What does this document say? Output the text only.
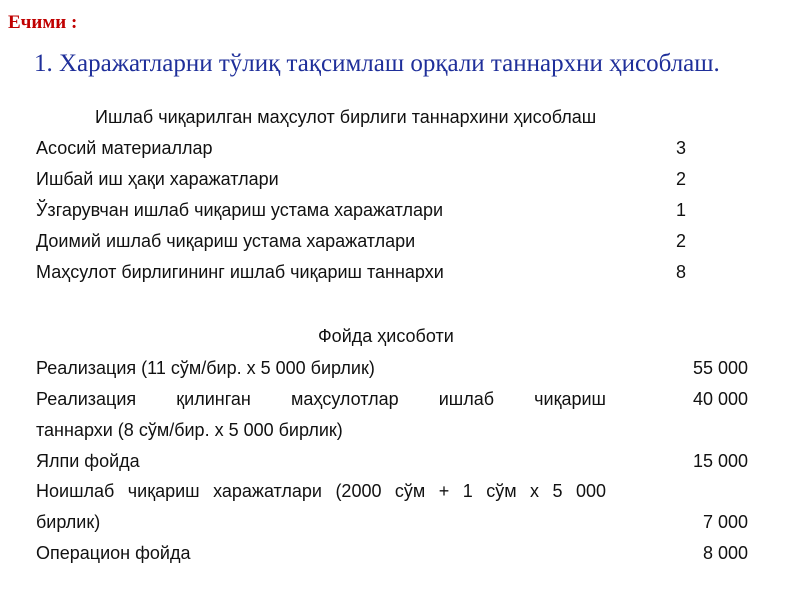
Ечими :
1. Харажатларни тўлиқ тақсимлаш орқали таннархни ҳисоблаш.
Ишлаб чиқарилган маҳсулот бирлиги таннархини ҳисоблаш
Асосий материаллар	3
Ишбай иш ҳақи харажатлари	2
Ўзгарувчан ишлаб чиқариш устама харажатлари	1
Доимий ишлаб чиқариш устама харажатлари	2
Маҳсулот бирлигининг ишлаб чиқариш таннархи	8
Фойда ҳисоботи
Реализация (11 сўм/бир. x 5 000 бирлик)	55 000
Реализация қилинган маҳсулотлар ишлаб чиқариш	40 000
таннархи (8 сўм/бир. x 5 000 бирлик)
Ялпи фойда	15 000
Ноишлаб чиқариш харажатлари (2000 сўм + 1 сўм x 5 000
бирлик)	7 000
Операцион фойда	8 000
